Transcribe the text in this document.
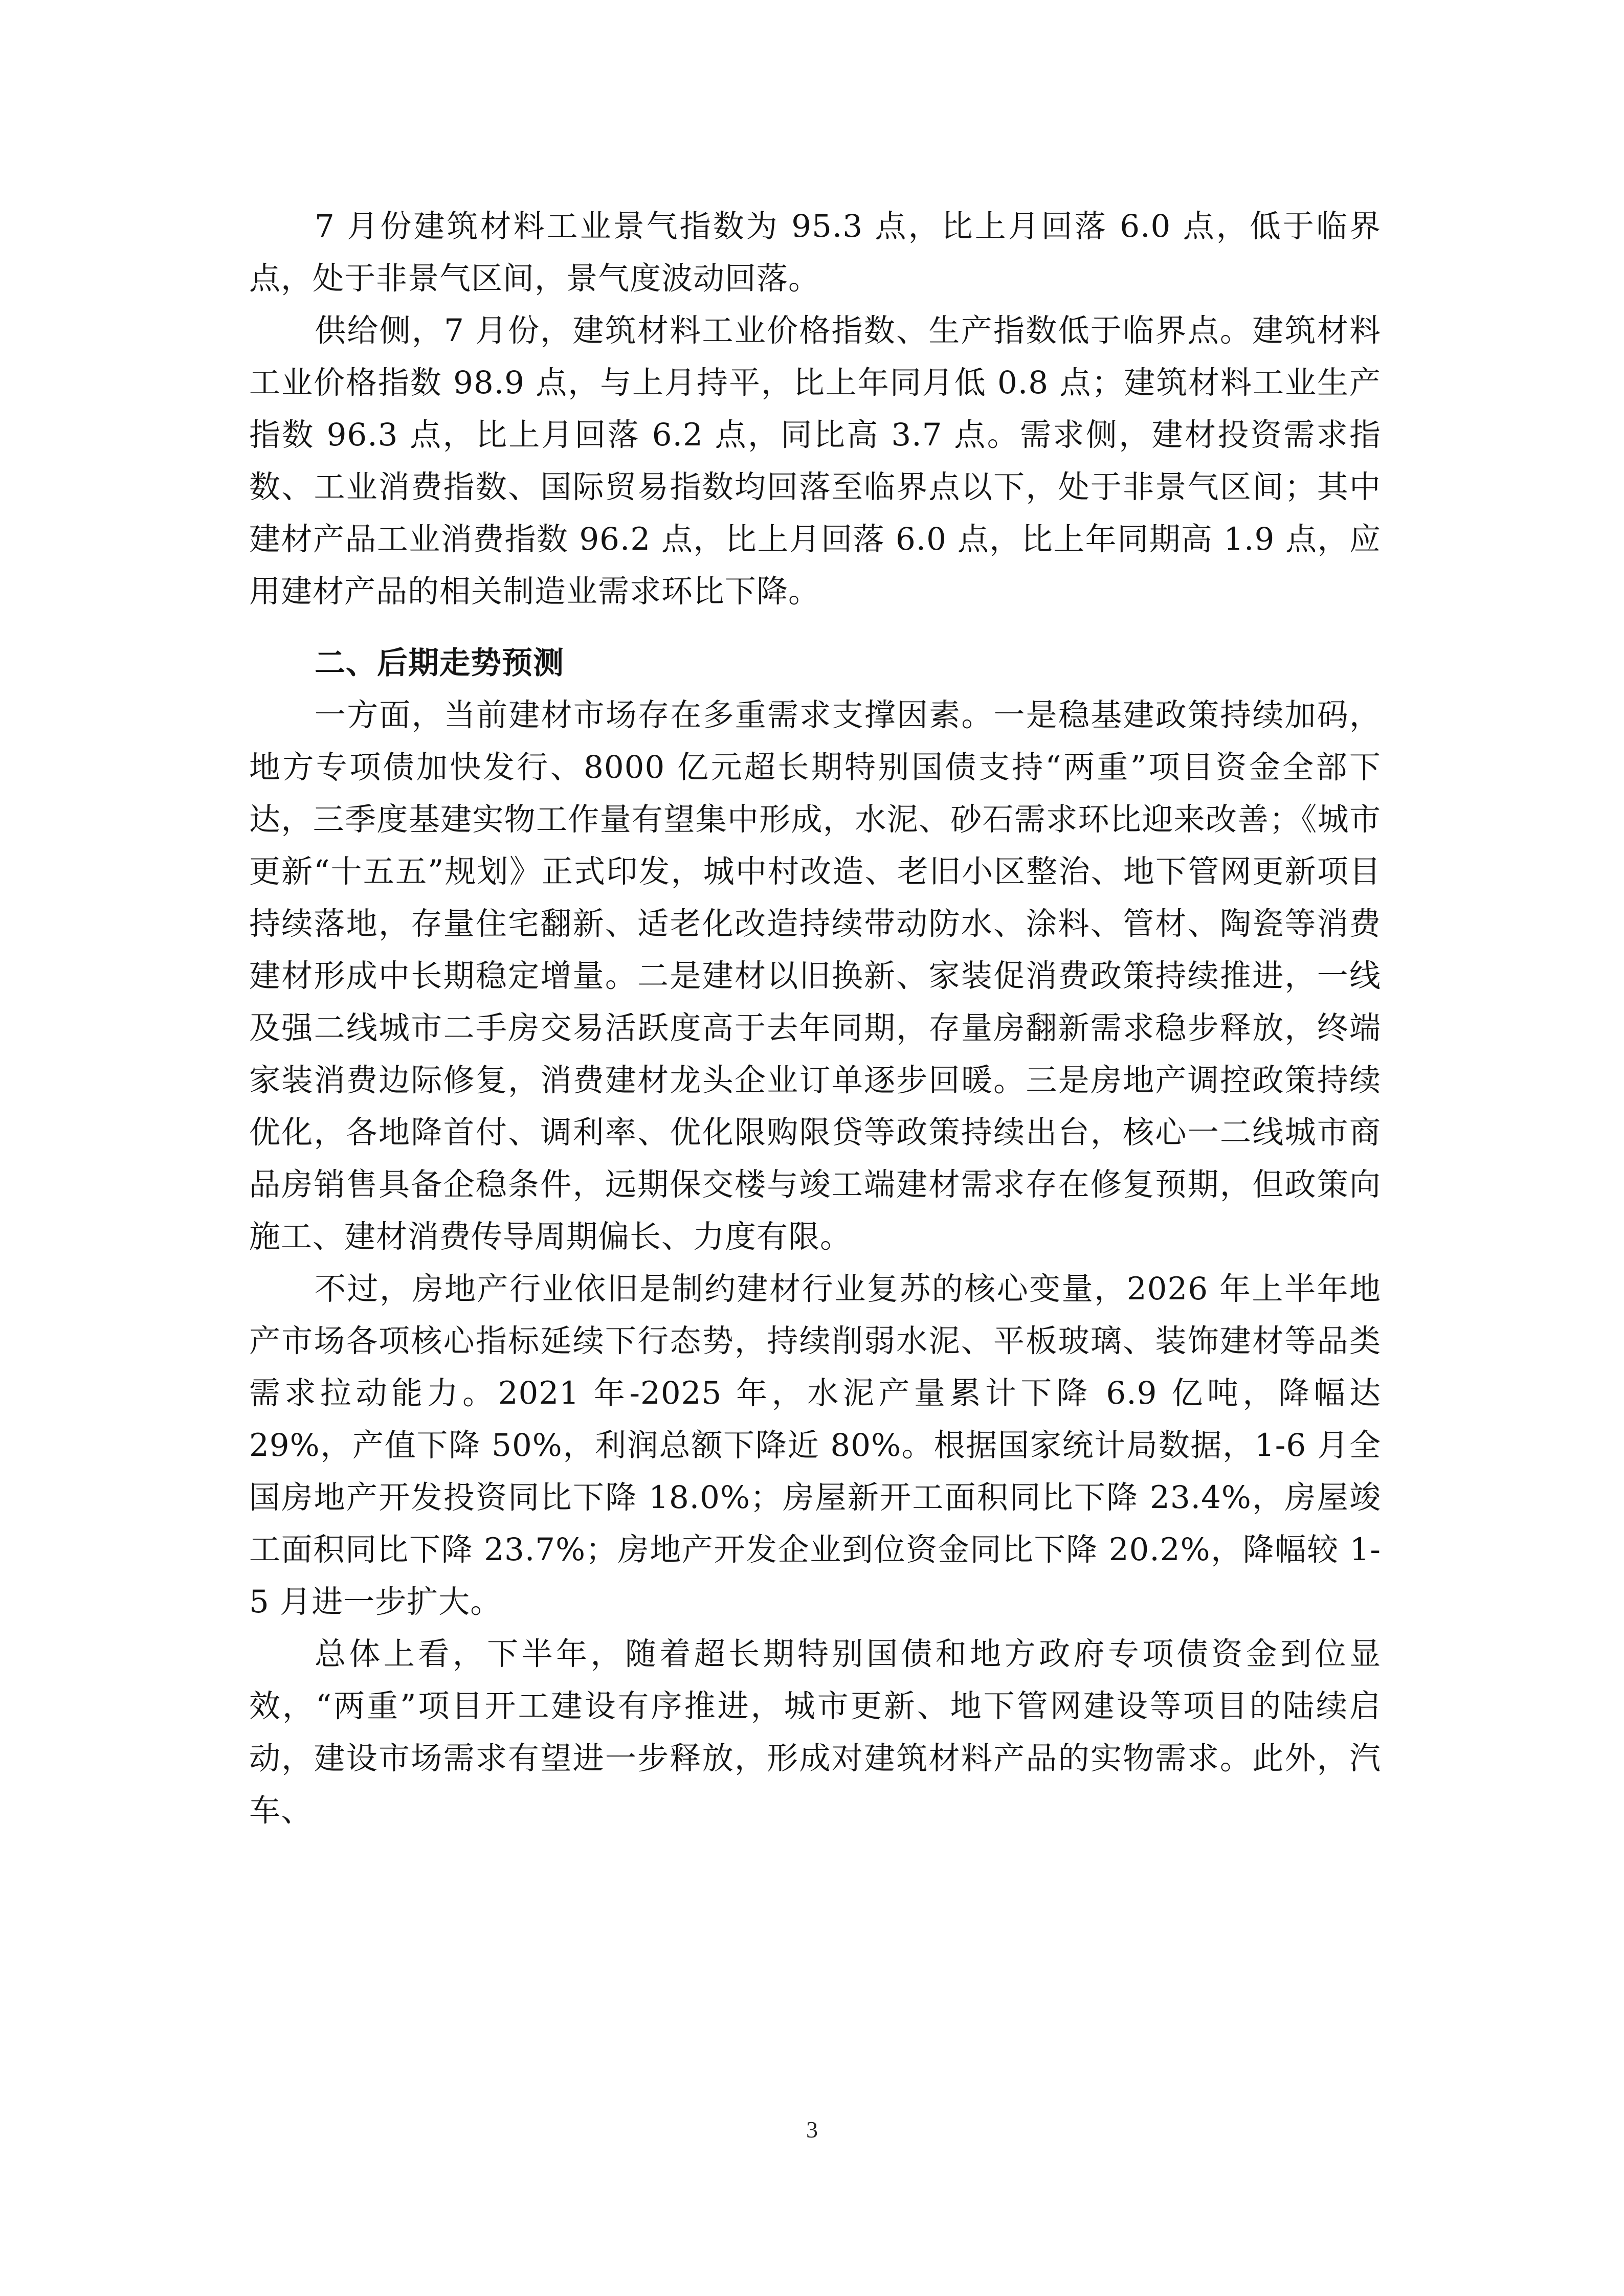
7 月份建筑材料工业景气指数为 95.3 点，比上月回落 6.0 点，低于临界点，处于非景气区间，景气度波动回落。

供给侧，7 月份，建筑材料工业价格指数、生产指数低于临界点。建筑材料工业价格指数 98.9 点，与上月持平，比上年同月低 0.8 点；建筑材料工业生产指数 96.3 点，比上月回落 6.2 点，同比高 3.7 点。需求侧，建材投资需求指数、工业消费指数、国际贸易指数均回落至临界点以下，处于非景气区间；其中建材产品工业消费指数 96.2 点，比上月回落 6.0 点，比上年同期高 1.9 点，应用建材产品的相关制造业需求环比下降。

二、后期走势预测

一方面，当前建材市场存在多重需求支撑因素。一是稳基建政策持续加码，地方专项债加快发行、8000 亿元超长期特别国债支持“两重”项目资金全部下达，三季度基建实物工作量有望集中形成，水泥、砂石需求环比迎来改善；《城市更新“十五五”规划》正式印发，城中村改造、老旧小区整治、地下管网更新项目持续落地，存量住宅翻新、适老化改造持续带动防水、涂料、管材、陶瓷等消费建材形成中长期稳定增量。二是建材以旧换新、家装促消费政策持续推进，一线及强二线城市二手房交易活跃度高于去年同期，存量房翻新需求稳步释放，终端家装消费边际修复，消费建材龙头企业订单逐步回暖。三是房地产调控政策持续优化，各地降首付、调利率、优化限购限贷等政策持续出台，核心一二线城市商品房销售具备企稳条件，远期保交楼与竣工端建材需求存在修复预期，但政策向施工、建材消费传导周期偏长、力度有限。

不过，房地产行业依旧是制约建材行业复苏的核心变量，2026 年上半年地产市场各项核心指标延续下行态势，持续削弱水泥、平板玻璃、装饰建材等品类需求拉动能力。2021 年-2025 年，水泥产量累计下降 6.9 亿吨，降幅达 29%，产值下降 50%，利润总额下降近 80%。根据国家统计局数据，1-6 月全国房地产开发投资同比下降 18.0%；房屋新开工面积同比下降 23.4%，房屋竣工面积同比下降 23.7%；房地产开发企业到位资金同比下降 20.2%，降幅较 1-5 月进一步扩大。

总体上看，下半年，随着超长期特别国债和地方政府专项债资金到位显效，“两重”项目开工建设有序推进，城市更新、地下管网建设等项目的陆续启动，建设市场需求有望进一步释放，形成对建筑材料产品的实物需求。此外，汽车、

3
